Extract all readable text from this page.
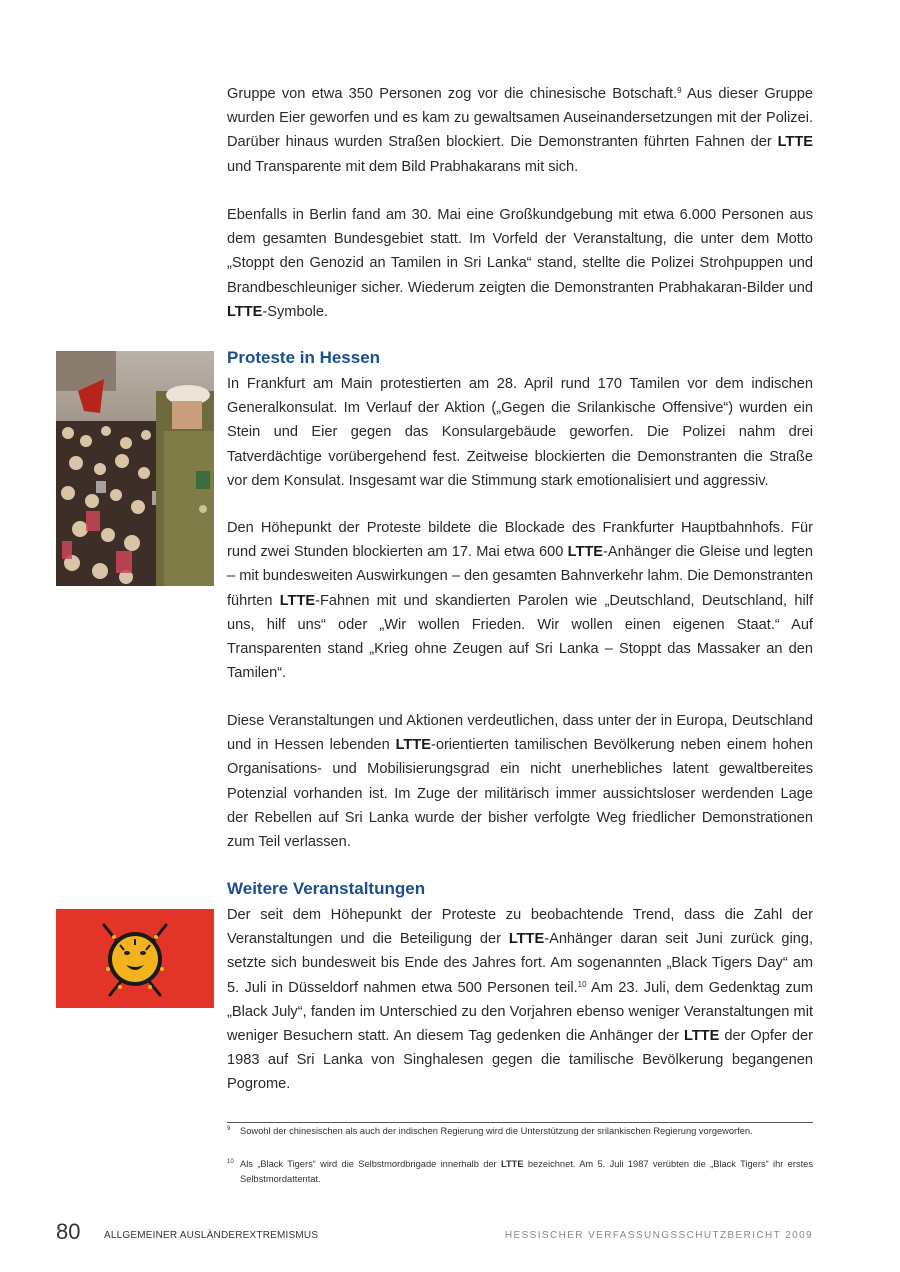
Gruppe von etwa 350 Personen zog vor die chinesische Botschaft.$^9$ Aus dieser Gruppe wurden Eier geworfen und es kam zu gewaltsamen Auseinandersetzungen mit der Polizei. Darüber hinaus wurden Straßen blockiert. Die Demonstranten führten Fahnen der LTTE und Transparente mit dem Bild Prabhakarans mit sich.

Ebenfalls in Berlin fand am 30. Mai eine Großkundgebung mit etwa 6.000 Personen aus dem gesamten Bundesgebiet statt. Im Vorfeld der Veranstaltung, die unter dem Motto „Stoppt den Genozid an Tamilen in Sri Lanka“ stand, stellte die Polizei Strohpuppen und Brandbeschleuniger sicher. Wiederum zeigten die Demonstranten Prabhakaran-Bilder und LTTE-Symbole.

Proteste in Hessen

In Frankfurt am Main protestierten am 28. April rund 170 Tamilen vor dem indischen Generalkonsulat. Im Verlauf der Aktion („Gegen die Srilankische Offensive“) wurden ein Stein und Eier gegen das Konsulargebäude geworfen. Die Polizei nahm drei Tatverdächtige vorübergehend fest. Zeitweise blockierten die Demonstranten die Straße vor dem Konsulat. Insgesamt war die Stimmung stark emotionalisiert und aggressiv.

Den Höhepunkt der Proteste bildete die Blockade des Frankfurter Hauptbahnhofs. Für rund zwei Stunden blockierten am 17. Mai etwa 600 LTTE-Anhänger die Gleise und legten – mit bundesweiten Auswirkungen – den gesamten Bahnverkehr lahm. Die Demonstranten führten LTTE-Fahnen mit und skandierten Parolen wie „Deutschland, Deutschland, hilf uns, hilf uns“ oder „Wir wollen Frieden. Wir wollen einen eigenen Staat.“ Auf Transparenten stand „Krieg ohne Zeugen auf Sri Lanka – Stoppt das Massaker an den Tamilen“.

Diese Veranstaltungen und Aktionen verdeutlichen, dass unter der in Europa, Deutschland und in Hessen lebenden LTTE-orientierten tamilischen Bevölkerung neben einem hohen Organisations- und Mobilisierungsgrad ein nicht unerhebliches latent gewaltbereites Potenzial vorhanden ist. Im Zuge der militärisch immer aussichtsloser werdenden Lage der Rebellen auf Sri Lanka wurde der bisher verfolgte Weg friedlicher Demonstrationen zum Teil verlassen.

Weitere Veranstaltungen

Der seit dem Höhepunkt der Proteste zu beobachtende Trend, dass die Zahl der Veranstaltungen und die Beteiligung der LTTE-Anhänger daran seit Juni zurück ging, setzte sich bundesweit bis Ende des Jahres fort. Am sogenannten „Black Tigers Day“ am 5. Juli in Düsseldorf nahmen etwa 500 Personen teil.$^{10}$ Am 23. Juli, dem Gedenktag zum „Black July“, fanden im Unterschied zu den Vorjahren ebenso weniger Veranstaltungen mit weniger Besuchern statt. An diesem Tag gedenken die Anhänger der LTTE der Opfer der 1983 auf Sri Lanka von Singhalesen gegen die tamilische Bevölkerung begangenen Pogrome.

9	Sowohl der chinesischen als auch der indischen Regierung wird die Unterstützung der srilankischen Regierung vorgeworfen.
10 Als „Black Tigers“ wird die Selbstmordbrigade innerhalb der LTTE bezeichnet. Am 5. Juli 1987 verübten die „Black Tigers“ ihr erstes Selbstmordattentat.
80 ALLGEMEINER AUSLÄNDEREXTREMISMUS	HESSISCHER VERFASSUNGSSCHUTZBERICHT 2009
